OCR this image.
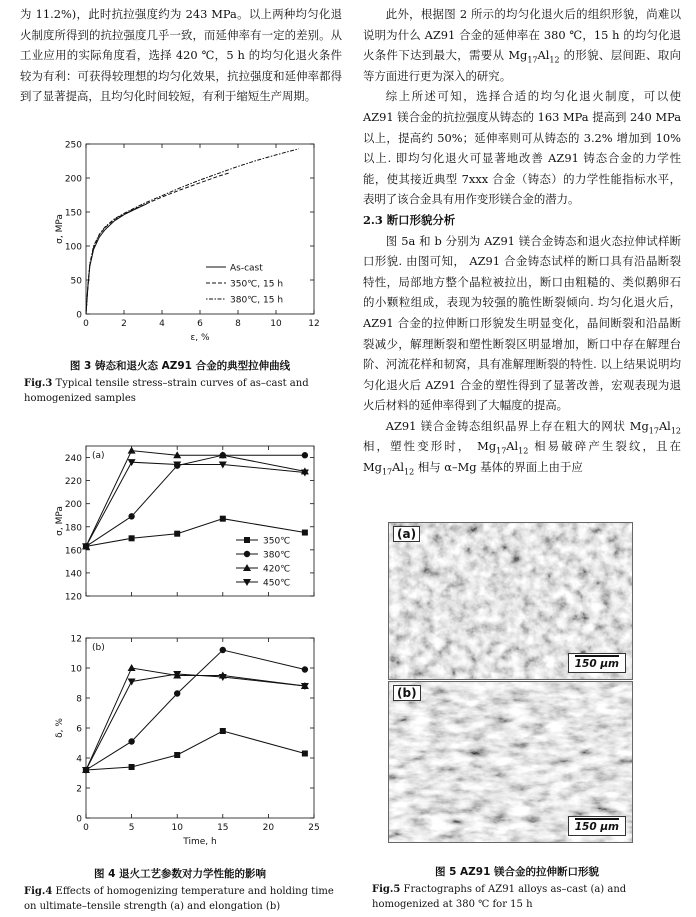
为 11.2%)，此时抗拉强度约为 243 MPa。以上两种均匀化退火制度所得到的抗拉强度几乎一致，而延伸率有一定的差别。从工业应用的实际角度看，选择 420 ℃，5 h 的均匀化退火条件较为有利：可获得较理想的均匀化效果，抗拉强度和延伸率都得到了显著提高，且均匀化时间较短，有利于缩短生产周期。

此外，根据图 2 所示的均匀化退火后的组织形貌，尚难以说明为什么 AZ91 合金的延伸率在 380 ℃，15 h 的均匀化退火条件下达到最大，需要从 $Mg_{17}Al_{12}$ 的形貌、层间距、取向等方面进行更为深入的研究。

综上所述可知，选择合适的均匀化退火制度，可以使 AZ91 镁合金的抗拉强度从铸态的 163 MPa 提高到 240 MPa 以上，提高约 50%；延伸率则可从铸态的 3.2% 增加到 10% 以上. 即均匀化退火可显著地改善 AZ91 铸态合金的力学性能，使其接近典型 7xxx 合金（铸态）的力学性能指标水平，表明了该合金具有用作变形镁合金的潜力。

2.3 断口形貌分析

图 5a 和 b 分别为 AZ91 镁合金铸态和退火态拉伸试样断口形貌. 由图可知， AZ91 合金铸态试样的断口具有沿晶断裂特性，局部地方整个晶粒被拉出，断口由粗糙的、类似鹅卵石的小颗粒组成，表现为较强的脆性断裂倾向. 均匀化退火后， AZ91 合金的拉伸断口形貌发生明显变化，晶间断裂和沿晶断裂减少，解理断裂和塑性断裂区明显增加，断口中存在解理台阶、河流花样和韧窝，具有准解理断裂的特性. 以上结果说明均匀化退火后 AZ91 合金的塑性得到了显著改善，宏观表现为退火后材料的延伸率得到了大幅度的提高。

AZ91 镁合金铸态组织晶界上存在粗大的网状 $Mg_{17}Al_{12}$ 相，塑性变形时， $Mg_{17}Al_{12}$ 相易破碎产生裂纹，且在 $Mg_{17}Al_{12}$ 相与 α–Mg 基体的界面上由于应

0
50
100
150
200
250
0	2	4	6	8	10	12
σ, MPa
ε, %
As-cast
350℃, 15 h
380℃, 15 h
图 3 铸态和退火态 AZ91 合金的典型拉伸曲线
Fig.3 Typical tensile stress–strain curves of as–cast and homogenized samples
120
140
160
180
200
220
240
σ, MPa
(a)
350℃
380℃
420℃
450℃
0
2
4
6
8
10
12
0	5	10	15	20	25
δ, %
Time, h
(b)
图 4 退火工艺参数对力学性能的影响
Fig.4 Effects of homogenizing temperature and holding time on ultimate–tensile strength (a) and elongation (b)
(a)
150 μm
(b)
150 μm
图 5 AZ91 镁合金的拉伸断口形貌
Fig.5 Fractographs of AZ91 alloys as–cast (a) and homogenized at 380 ℃ for 15 h
